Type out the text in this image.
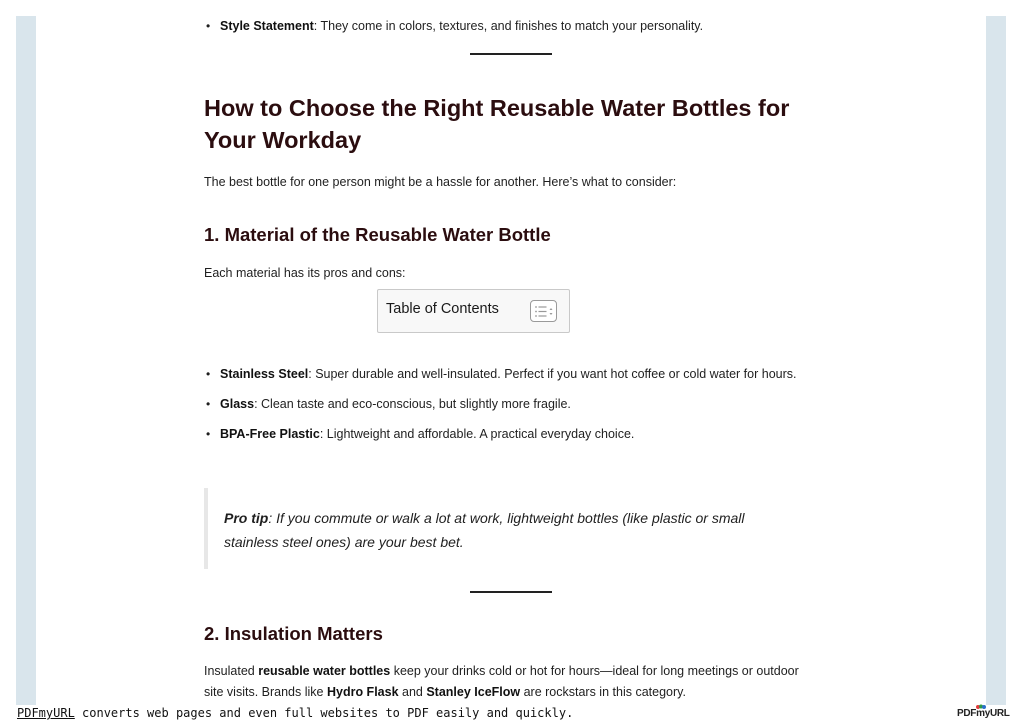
• Style Statement: They come in colors, textures, and finishes to match your personality.
How to Choose the Right Reusable Water Bottles for Your Workday

The best bottle for one person might be a hassle for another. Here’s what to consider:

1. Material of the Reusable Water Bottle

Each material has its pros and cons:

• Stainless Steel: Super durable and well-insulated. Perfect if you want hot coffee or cold water for hours.
• Glass: Clean taste and eco-conscious, but slightly more fragile.
• BPA-Free Plastic: Lightweight and affordable. A practical everyday choice.
2. Insulation Matters

Insulated reusable water bottles keep your drinks cold or hot for hours—ideal for long meetings or outdoor site visits. Brands like Hydro Flask and Stanley IceFlow are rockstars in this category.

Table of Contents

Pro tip: If you commute or walk a lot at work, lightweight bottles (like plastic or small stainless steel ones) are your best bet.

PDFmyURL converts web pages and even full websites to PDF easily and quickly.	PDFmyURL
